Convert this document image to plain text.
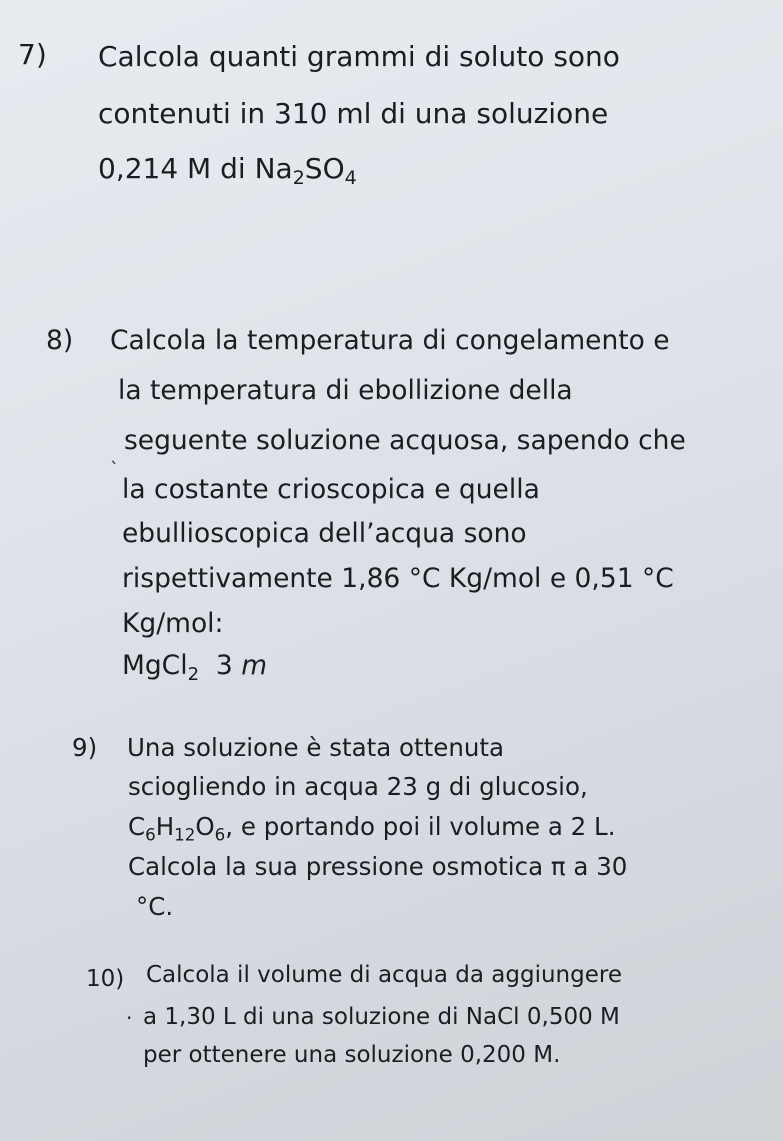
7) Calcola quanti grammi di soluto sono
contenuti in 310 ml di una soluzione
0,214 M di $Na_2SO_4$
8) Calcola la temperatura di congelamento e
la temperatura di ebollizione della
ˎ seguente soluzione acquosa, sapendo che
la costante crioscopica e quella
ebullioscopica dell’acqua sono
rispettivamente 1,86 °C Kg/mol e 0,51 °C
Kg/mol:
MgCl$_2$ 3 m
9) Una soluzione è stata ottenuta
sciogliendo in acqua 23 g di glucosio,
$C_6H_{12}O_6$, e portando poi il volume a 2 L.
Calcola la sua pressione osmotica π a 30
°C.
10) Calcola il volume di acqua da aggiungere
· a 1,30 L di una soluzione di NaCl 0,500 M
per ottenere una soluzione 0,200 M.
